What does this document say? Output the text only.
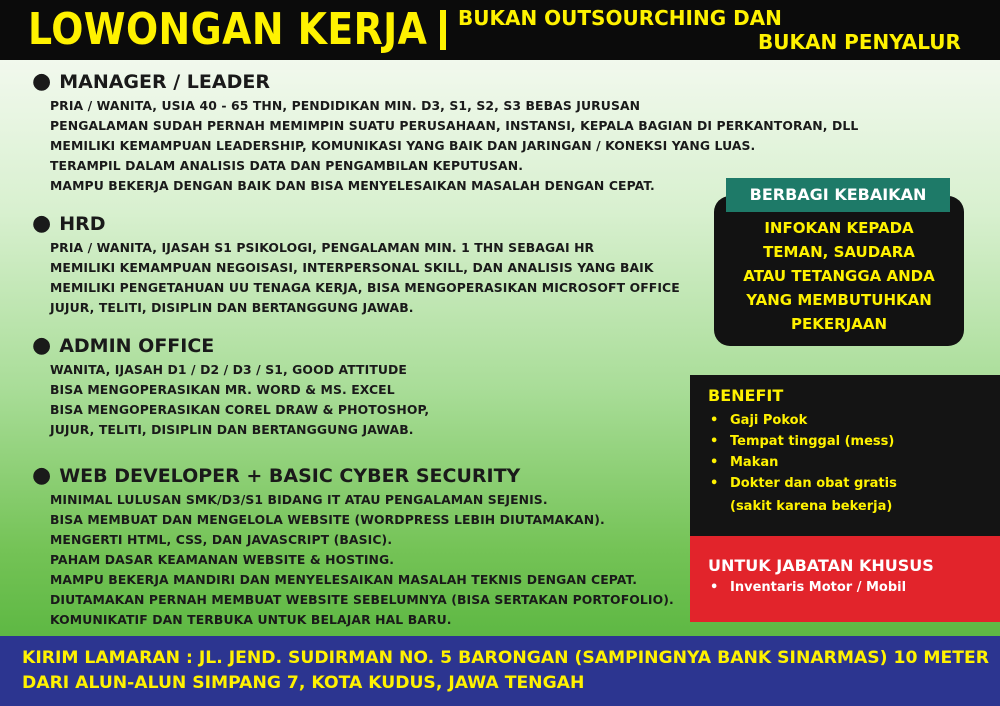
LOWONGAN KERJA BUKAN OUTSOURCHING DAN
BUKAN PENYALUR
● MANAGER / LEADER
PRIA / WANITA, USIA 40 - 65 THN, PENDIDIKAN MIN. D3, S1, S2, S3 BEBAS JURUSAN
PENGALAMAN SUDAH PERNAH MEMIMPIN SUATU PERUSAHAAN, INSTANSI, KEPALA BAGIAN DI PERKANTORAN, DLL
MEMILIKI KEMAMPUAN LEADERSHIP, KOMUNIKASI YANG BAIK DAN JARINGAN / KONEKSI YANG LUAS.
TERAMPIL DALAM ANALISIS DATA DAN PENGAMBILAN KEPUTUSAN.
MAMPU BEKERJA DENGAN BAIK DAN BISA MENYELESAIKAN MASALAH DENGAN CEPAT.
● HRD
PRIA / WANITA, IJASAH S1 PSIKOLOGI, PENGALAMAN MIN. 1 THN SEBAGAI HR
MEMILIKI KEMAMPUAN NEGOISASI, INTERPERSONAL SKILL, DAN ANALISIS YANG BAIK
MEMILIKI PENGETAHUAN UU TENAGA KERJA, BISA MENGOPERASIKAN MICROSOFT OFFICE
JUJUR, TELITI, DISIPLIN DAN BERTANGGUNG JAWAB.
● ADMIN OFFICE
WANITA, IJASAH D1 / D2 / D3 / S1, GOOD ATTITUDE
BISA MENGOPERASIKAN MR. WORD & MS. EXCEL
BISA MENGOPERASIKAN COREL DRAW & PHOTOSHOP,
JUJUR, TELITI, DISIPLIN DAN BERTANGGUNG JAWAB.
● WEB DEVELOPER + BASIC CYBER SECURITY
MINIMAL LULUSAN SMK/D3/S1 BIDANG IT ATAU PENGALAMAN SEJENIS.
BISA MEMBUAT DAN MENGELOLA WEBSITE (WORDPRESS LEBIH DIUTAMAKAN).
MENGERTI HTML, CSS, DAN JAVASCRIPT (BASIC).
PAHAM DASAR KEAMANAN WEBSITE & HOSTING.
MAMPU BEKERJA MANDIRI DAN MENYELESAIKAN MASALAH TEKNIS DENGAN CEPAT.
DIUTAMAKAN PERNAH MEMBUAT WEBSITE SEBELUMNYA (BISA SERTAKAN PORTOFOLIO).
KOMUNIKATIF DAN TERBUKA UNTUK BELAJAR HAL BARU.
BERBAGI KEBAIKAN
INFOKAN KEPADA
TEMAN, SAUDARA
ATAU TETANGGA ANDA
YANG MEMBUTUHKAN
PEKERJAAN
BENEFIT
• Gaji Pokok
• Tempat tinggal (mess)
• Makan
• Dokter dan obat gratis
(sakit karena bekerja)
UNTUK JABATAN KHUSUS
• Inventaris Motor / Mobil
KIRIM LAMARAN : JL. JEND. SUDIRMAN NO. 5 BARONGAN (SAMPINGNYA BANK SINARMAS) 10 METER
DARI ALUN-ALUN SIMPANG 7, KOTA KUDUS, JAWA TENGAH
